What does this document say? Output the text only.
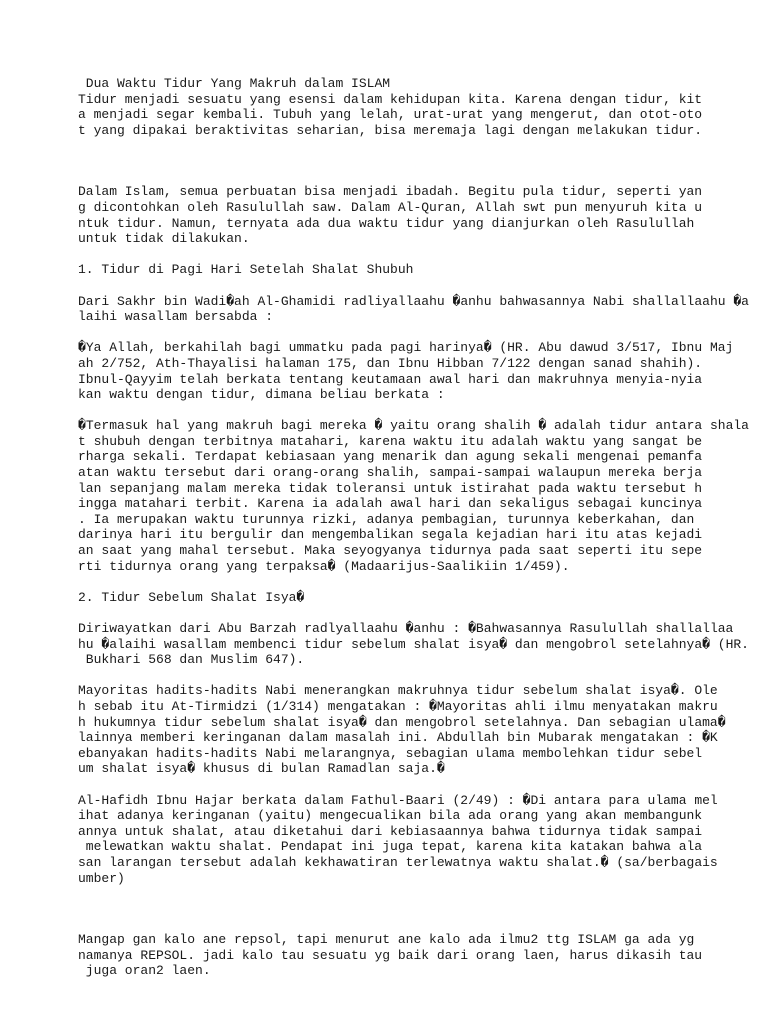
Dua Waktu Tidur Yang Makruh dalam ISLAM
Tidur menjadi sesuatu yang esensi dalam kehidupan kita. Karena dengan tidur, kit
a menjadi segar kembali. Tubuh yang lelah, urat-urat yang mengerut, dan otot-oto
t yang dipakai berakt​ivitas seharian, bisa meremaja lagi dengan melakukan tidur.
Dalam Islam, semua perbuatan bisa menjadi ibadah. Begitu pula tidur, seperti yan
g dicontohkan oleh Rasulullah saw. Dalam Al-Quran, Allah swt pun menyuruh kita u
ntuk tidur. Namun, ternyata ada dua waktu tidur yang dianjurkan oleh Rasulullah
untuk tidak dilakukan.
1. Tidur di Pagi Hari Setelah Shalat Shubuh
Dari Sakhr bin Wadi�ah Al-Ghamidi radliyallaahu �anhu bahwasannya Nabi shallallaahu �a
laihi wasallam bersabda :
�Ya Allah, berkahilah bagi ummatku pada pagi harinya� (HR. Abu dawud 3/517, Ibnu Maj
ah 2/752, Ath-Thayalisi halaman 175, dan Ibnu Hibban 7/122 dengan sanad shahih).
Ibnul-Qayyim telah berkata tentang keutamaan awal hari dan makruhnya menyia-nyia
kan waktu dengan tidur, dimana beliau berkata :
�Termasuk hal yang makruh bagi mereka � yaitu orang shalih � adalah tidur antara shala
t shubuh dengan terbitnya matahari, karena waktu itu adalah waktu yang sangat be
rharga sekali. Terdapat kebiasaan yang menarik dan agung sekali mengenai pemanfa
atan waktu tersebut dari orang-orang shalih, sampai-sampai walaupun mereka berja
lan sepanjang malam mereka tidak toleransi untuk istirahat pada waktu tersebut h
ingga matahari terbit. Karena ia adalah awal hari dan sekaligus sebagai kuncinya
. Ia merupakan waktu turunnya rizki, adanya pembagian, turunnya keberkahan, dan
darinya hari itu bergulir dan mengembalikan segala kejadian hari itu atas kejadi
an saat yang mahal tersebut. Maka seyogyanya tidurnya pada saat seperti itu sepe
rti tidurnya orang yang terpaksa� (Madaarijus-Saalikiin 1/459).
2. Tidur Sebelum Shalat Isya�
Diriwayatkan dari Abu Barzah radlyallaahu �anhu : �Bahwasannya Rasulullah shallallaa
hu �alaihi wasallam membenci tidur sebelum shalat isya� dan mengobrol setelahnya� (HR.
Bukhari 568 dan Muslim 647).
Mayoritas hadits-hadits Nabi menerangkan makruhnya tidur sebelum shalat isya�. Ole
h sebab itu At-Tirmidzi (1/314) mengatakan : �Mayoritas ahli ilmu menyatakan makru
h hukumnya tidur sebelum shalat isya� dan mengobrol setelahnya. Dan sebagian ulama�
lainnya memberi keringanan dalam masalah ini. Abdullah bin Mubarak mengatakan : �K
ebanyakan hadits-hadits Nabi melarangnya, sebagian ulama membolehkan tidur sebel
um shalat isya� khusus di bulan Ramadlan saja.�
Al-Hafidh Ibnu Hajar berkata dalam Fathul-Baari (2/49) : �Di antara para ulama mel
ihat adanya keringanan (yaitu) mengecualikan bila ada orang yang akan membangunk
annya untuk shalat, atau diketahui dari kebiasaannya bahwa tidurnya tidak sampai
melewatkan waktu shalat. Pendapat ini juga tepat, karena kita katakan bahwa ala
san larangan tersebut adalah kekhawatiran terlewatnya waktu shalat.� (sa/berbagais
umber)
Mangap gan kalo ane repsol, tapi menurut ane kalo ada ilmu2 ttg ISLAM ga ada yg
namanya REPSOL. jadi kalo tau sesuatu yg baik dari orang laen, harus dikasih tau
juga oran2 laen.
